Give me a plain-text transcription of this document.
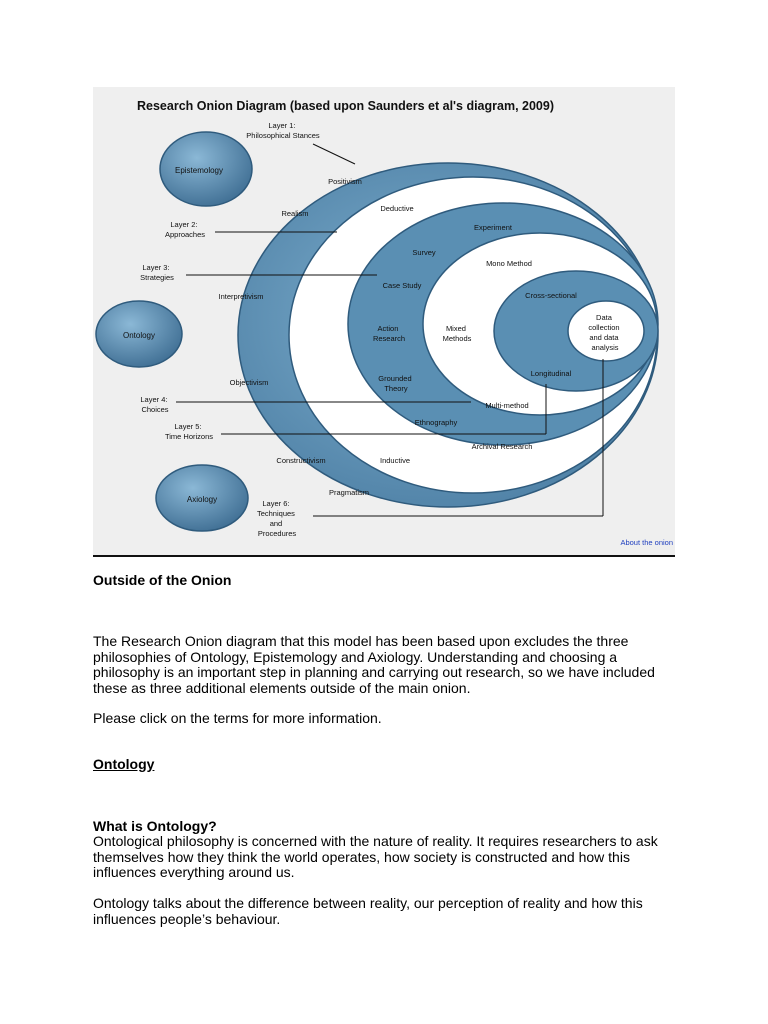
Research Onion Diagram (based upon Saunders et al's diagram, 2009)
Epistemology
Ontology
Axiology
Layer 1: Philosophical Stances
Layer 2: Approaches
Layer 3: Strategies
Layer 4: Choices
Layer 5: Time Horizons
Layer 6: Techniques and Procedures
Positivism
Realism
Interpretivism
Objectivism
Constructivism
Pragmatism
Deductive
Inductive
Experiment
Survey
Case Study
Action Research
Grounded Theory
Ethnography
Archival Research
Mono Method
Mixed Methods
Multi-method
Cross-sectional
Longitudinal
Data collection and data analysis
About the onion

Outside of the Onion

The Research Onion diagram that this model has been based upon excludes the three philosophies of Ontology, Epistemology and Axiology. Understanding and choosing a philosophy is an important step in planning and carrying out research, so we have included these as three additional elements outside of the main onion.

Please click on the terms for more information.

Ontology

What is Ontology?

Ontological philosophy is concerned with the nature of reality. It requires researchers to ask themselves how they think the world operates, how society is constructed and how this influences everything around us.

Ontology talks about the difference between reality, our perception of reality and how this influences people’s behaviour.
